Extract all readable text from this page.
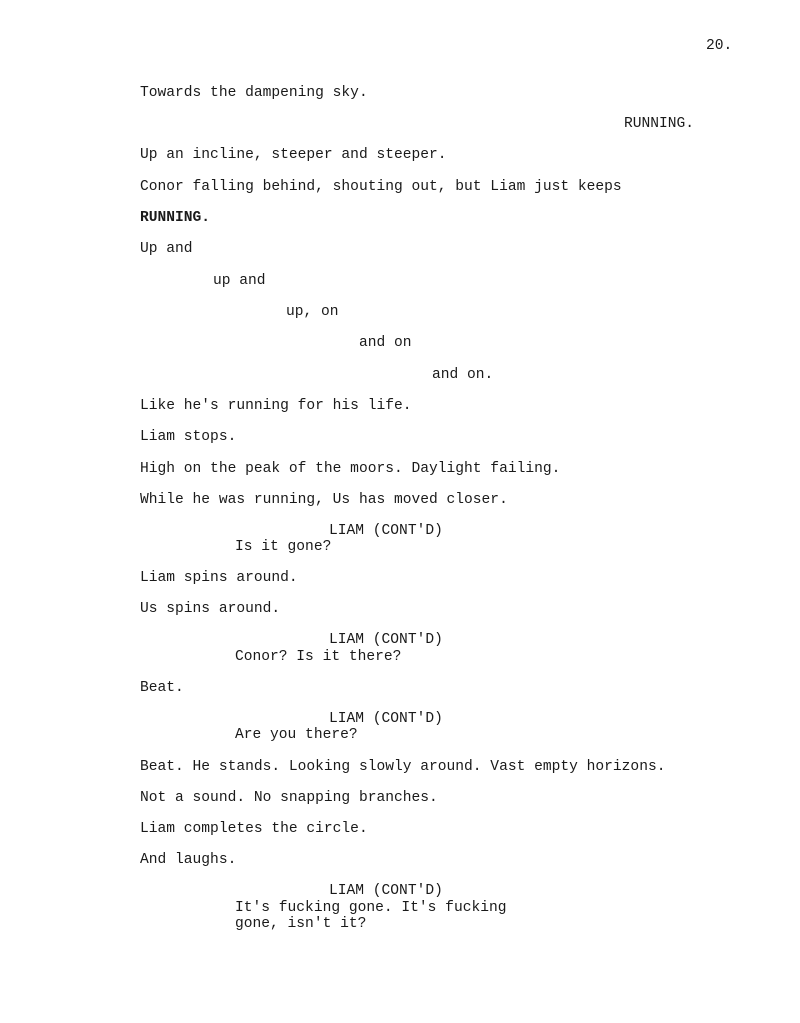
20.

Towards the dampening sky.

RUNNING.

Up an incline, steeper and steeper.

Conor falling behind, shouting out, but Liam just keeps

RUNNING.

Up and

up and

up, on

and on

and on.

Like he's running for his life.

Liam stops.

High on the peak of the moors. Daylight failing.

While he was running, Us has moved closer.

LIAM (CONT'D)

Is it gone?

Liam spins around.

Us spins around.

LIAM (CONT'D)

Conor? Is it there?

Beat.

LIAM (CONT'D)

Are you there?

Beat. He stands. Looking slowly around. Vast empty horizons.

Not a sound. No snapping branches.

Liam completes the circle.

And laughs.

LIAM (CONT'D)

It's fucking gone. It's fucking

gone, isn't it?
